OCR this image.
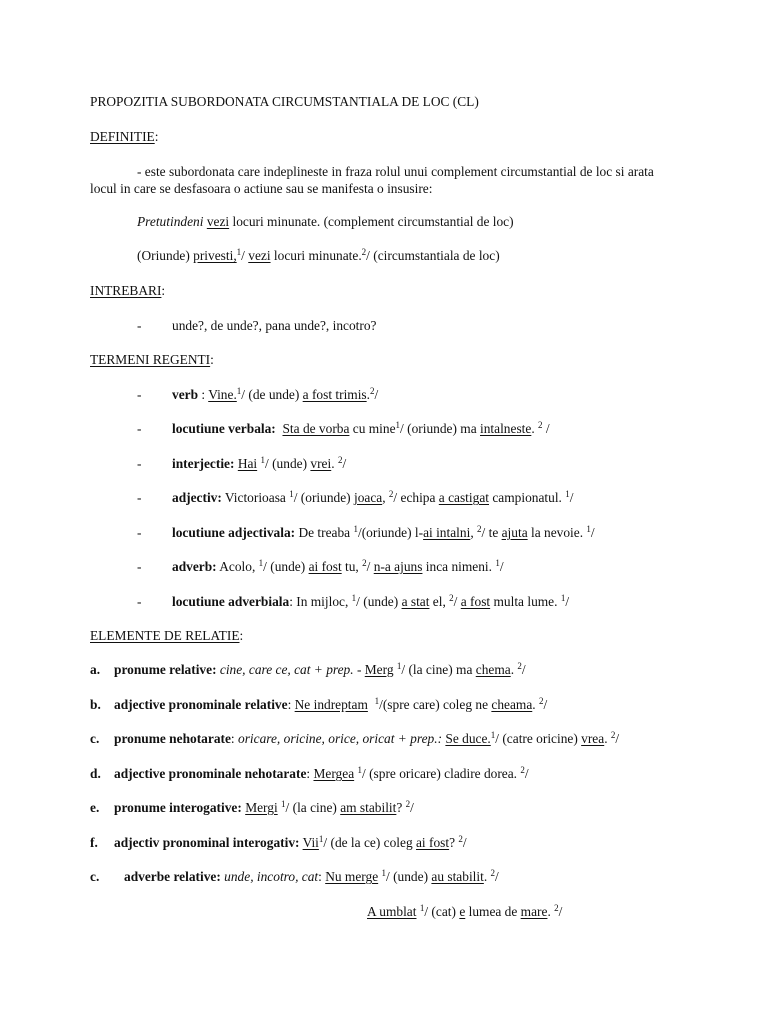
PROPOZITIA SUBORDONATA CIRCUMSTANTIALA DE LOC (CL)
DEFINITIE:
- este subordonata care indeplineste in fraza rolul unui complement circumstantial de loc si arata
locul in care se desfasoara o actiune sau se manifesta o insusire:
Pretutindeni vezi locuri minunate. (complement circumstantial de loc)
(Oriunde) privesti,$^1$/ vezi locuri minunate.$^2$/ (circumstantiala de loc)
INTREBARI:
- unde?, de unde?, pana unde?, incotro?
TERMENI REGENTI:
- verb : Vine.$^1$/ (de unde) a fost trimis.$^2$/
- locutiune verbala: Sta de vorba cu mine$^1$/ (oriunde) ma intalneste. $^2$ /
- interjectie: Hai $^1$/ (unde) vrei. $^2$/
- adjectiv: Victorioasa $^1$/ (oriunde) joaca, $^2$/ echipa a castigat campionatul. $^1$/
- locutiune adjectivala: De treaba $^1$/(oriunde) l-ai intalni, $^2$/ te ajuta la nevoie. $^1$/
- adverb: Acolo, $^1$/ (unde) ai fost tu, $^2$/ n-a ajuns inca nimeni. $^1$/
- locutiune adverbiala: In mijloc, $^1$/ (unde) a stat el, $^2$/ a fost multa lume. $^1$/
ELEMENTE DE RELATIE:
a. pronume relative: cine, care ce, cat + prep. - Merg $^1$/ (la cine) ma chema. $^2$/
b. adjective pronominale relative: Ne indreptam $^1$/(spre care) coleg ne cheama. $^2$/
c. pronume nehotarate: oricare, oricine, orice, oricat + prep.: Se duce.$^1$/ (catre oricine) vrea. $^2$/
d. adjective pronominale nehotarate: Mergea $^1$/ (spre oricare) cladire dorea. $^2$/
e. pronume interogative: Mergi $^1$/ (la cine) am stabilit? $^2$/
f. adjectiv pronominal interogativ: Vii$^1$/ (de la ce) coleg ai fost? $^2$/
c. adverbe relative: unde, incotro, cat: Nu merge $^1$/ (unde) au stabilit. $^2$/
A umblat $^1$/ (cat) e lumea de mare. $^2$/
